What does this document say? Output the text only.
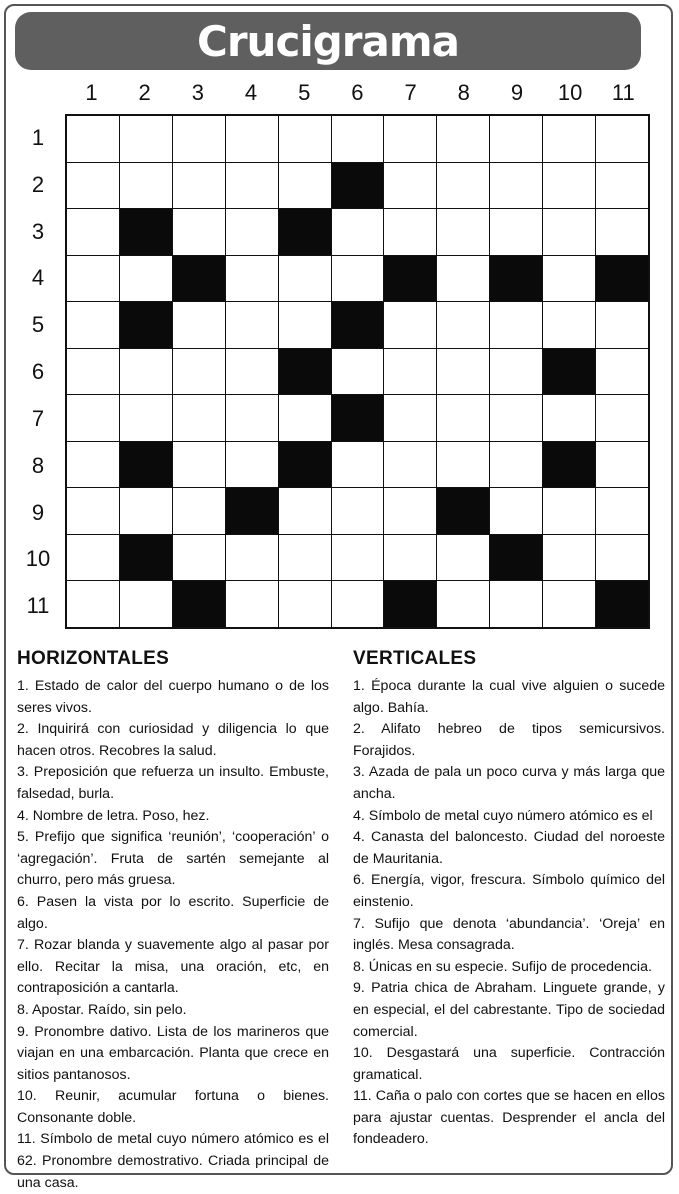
Crucigrama
1	2	3	4	5	6	7	8	9	10	11
1
2
3
4
5
6
7
8
9
10
11
HORIZONTALES

1. Estado de calor del cuerpo humano o de los seres vivos.

2. Inquirirá con curiosidad y diligencia lo que hacen otros. Recobres la salud.

3. Preposición que refuerza un insulto. Embuste, falsedad, burla.

4. Nombre de letra. Poso, hez.

5. Prefijo que significa ‘reunión’, ‘cooperación’ o ‘agregación’. Fruta de sartén semejante al churro, pero más gruesa.

6. Pasen la vista por lo escrito. Superficie de algo.

7. Rozar blanda y suavemente algo al pasar por ello. Recitar la misa, una oración, etc, en contraposición a cantarla.

8. Apostar. Raído, sin pelo.

9. Pronombre dativo. Lista de los marineros que viajan en una embarcación. Planta que crece en sitios pantanosos.

10. Reunir, acumular fortuna o bienes. Consonante doble.

11. Símbolo de metal cuyo número atómico es el 62. Pronombre demostrativo. Criada principal de una casa.

VERTICALES

1. Época durante la cual vive alguien o sucede algo. Bahía.

2. Alifato hebreo de tipos semicursivos. Forajidos.

3. Azada de pala un poco curva y más larga que ancha.

4. Símbolo de metal cuyo número atómico es el

4. Canasta del baloncesto. Ciudad del noroeste de Mauritania.

6. Energía, vigor, frescura. Símbolo químico del einstenio.

7. Sufijo que denota ‘abundancia’. ‘Oreja’ en inglés. Mesa consagrada.

8. Únicas en su especie. Sufijo de procedencia.

9. Patria chica de Abraham. Linguete grande, y en especial, el del cabrestante. Tipo de sociedad comercial.

10. Desgastará una superficie. Contracción gramatical.

11. Caña o palo con cortes que se hacen en ellos para ajustar cuentas. Desprender el ancla del fondeadero.
